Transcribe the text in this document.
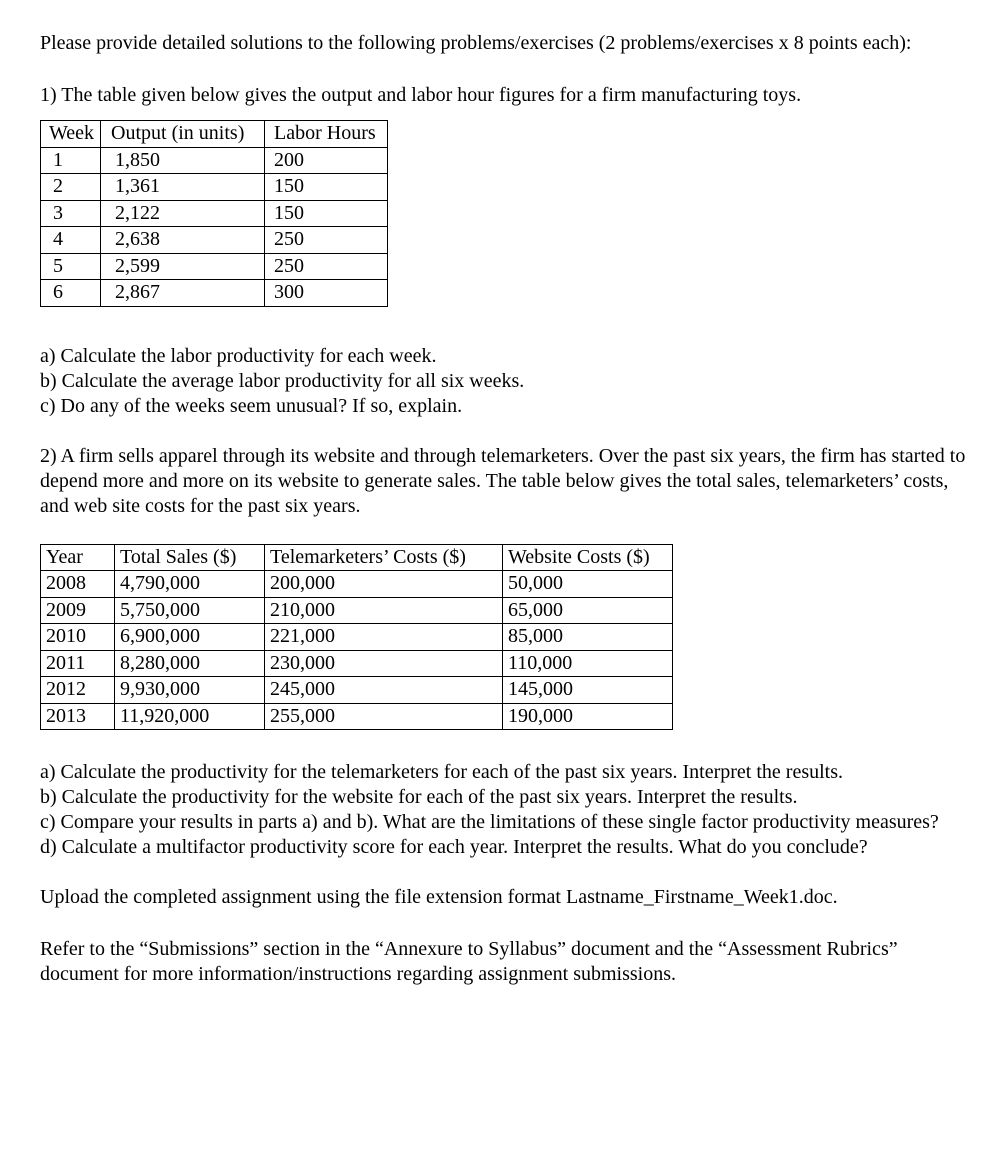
Please provide detailed solutions to the following problems/exercises (2 problems/exercises x 8 points each):

1) The table given below gives the output and labor hour figures for a firm manufacturing toys.

Week	Output (in units)	Labor Hours
1	1,850	200
2	1,361	150
3	2,122	150
4	2,638	250
5	2,599	250
6	2,867	300

a) Calculate the labor productivity for each week.

b) Calculate the average labor productivity for all six weeks.

c) Do any of the weeks seem unusual? If so, explain.

2) A firm sells apparel through its website and through telemarketers. Over the past six years, the firm has started to depend more and more on its website to generate sales. The table below gives the total sales, telemarketers’ costs, and web site costs for the past six years.

Year	Total Sales ($)	Telemarketers’ Costs ($)	Website Costs ($)
2008	4,790,000	200,000	50,000
2009	5,750,000	210,000	65,000
2010	6,900,000	221,000	85,000
2011	8,280,000	230,000	110,000
2012	9,930,000	245,000	145,000
2013	11,920,000	255,000	190,000

a) Calculate the productivity for the telemarketers for each of the past six years. Interpret the results.

b) Calculate the productivity for the website for each of the past six years. Interpret the results.

c) Compare your results in parts a) and b). What are the limitations of these single factor productivity measures?

d) Calculate a multifactor productivity score for each year. Interpret the results. What do you conclude?

Upload the completed assignment using the file extension format Lastname_Firstname_Week1.doc.

Refer to the “Submissions” section in the “Annexure to Syllabus” document and the “Assessment Rubrics” document for more information/instructions regarding assignment submissions.
